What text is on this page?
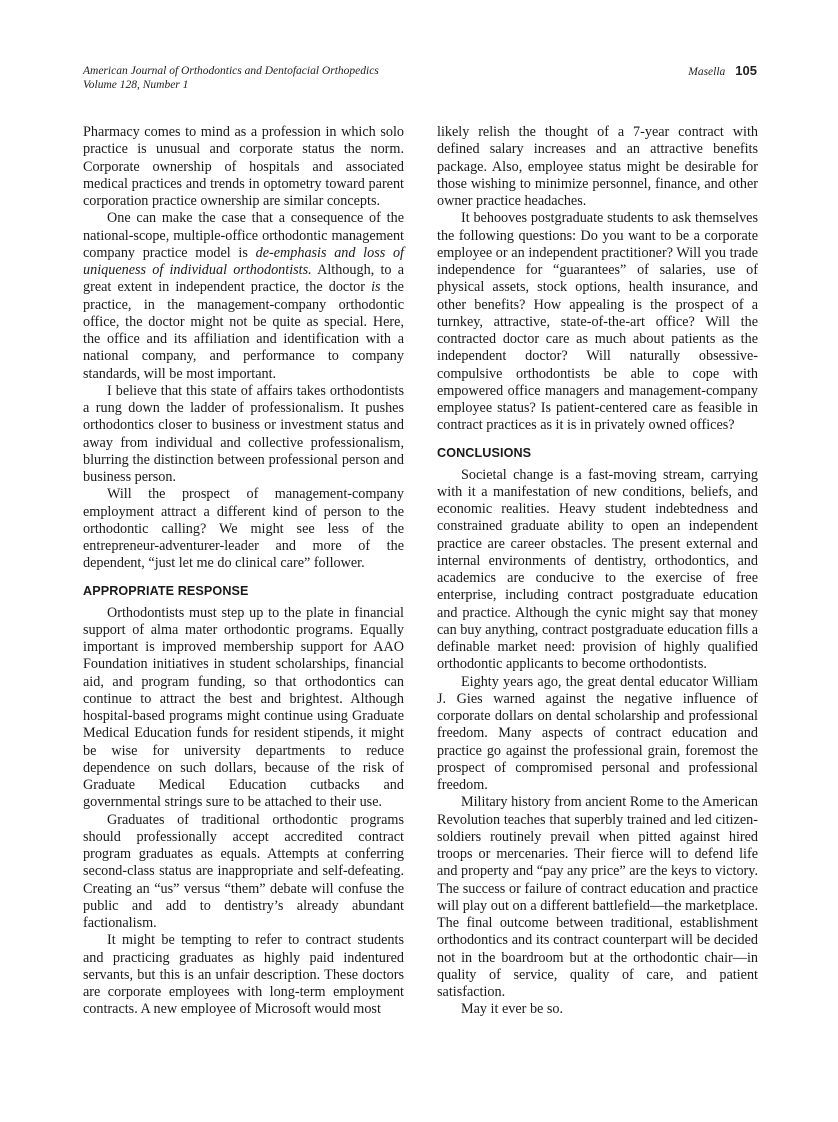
American Journal of Orthodontics and Dentofacial Orthopedics
Volume 128, Number 1
Masella 105

Pharmacy comes to mind as a profession in which solo practice is unusual and corporate status the norm. Corporate ownership of hospitals and associated medical practices and trends in optometry toward parent corporation practice ownership are similar concepts.

One can make the case that a consequence of the national-scope, multiple-office orthodontic management company practice model is de-emphasis and loss of uniqueness of individual orthodontists. Although, to a great extent in independent practice, the doctor is the practice, in the management-company orthodontic office, the doctor might not be quite as special. Here, the office and its affiliation and identification with a national company, and performance to company standards, will be most important.

I believe that this state of affairs takes orthodontists a rung down the ladder of professionalism. It pushes orthodontics closer to business or investment status and away from individual and collective professionalism, blurring the distinction between professional person and business person.

Will the prospect of management-company employment attract a different kind of person to the orthodontic calling? We might see less of the entrepreneur-adventurer-leader and more of the dependent, “just let me do clinical care” follower.

APPROPRIATE RESPONSE

Orthodontists must step up to the plate in financial support of alma mater orthodontic programs. Equally important is improved membership support for AAO Foundation initiatives in student scholarships, financial aid, and program funding, so that orthodontics can continue to attract the best and brightest. Although hospital-based programs might continue using Graduate Medical Education funds for resident stipends, it might be wise for university departments to reduce dependence on such dollars, because of the risk of Graduate Medical Education cutbacks and governmental strings sure to be attached to their use.

Graduates of traditional orthodontic programs should professionally accept accredited contract program graduates as equals. Attempts at conferring second-class status are inappropriate and self-defeating. Creating an “us” versus “them” debate will confuse the public and add to dentistry’s already abundant factionalism.

It might be tempting to refer to contract students and practicing graduates as highly paid indentured servants, but this is an unfair description. These doctors are corporate employees with long-term employment contracts. A new employee of Microsoft would most

likely relish the thought of a 7-year contract with defined salary increases and an attractive benefits package. Also, employee status might be desirable for those wishing to minimize personnel, finance, and other owner practice headaches.

It behooves postgraduate students to ask themselves the following questions: Do you want to be a corporate employee or an independent practitioner? Will you trade independence for “guarantees” of salaries, use of physical assets, stock options, health insurance, and other benefits? How appealing is the prospect of a turnkey, attractive, state-of-the-art office? Will the contracted doctor care as much about patients as the independent doctor? Will naturally obsessive-compulsive orthodontists be able to cope with empowered office managers and management-company employee status? Is patient-centered care as feasible in contract practices as it is in privately owned offices?

CONCLUSIONS

Societal change is a fast-moving stream, carrying with it a manifestation of new conditions, beliefs, and economic realities. Heavy student indebtedness and constrained graduate ability to open an independent practice are career obstacles. The present external and internal environments of dentistry, orthodontics, and academics are conducive to the exercise of free enterprise, including contract postgraduate education and practice. Although the cynic might say that money can buy anything, contract postgraduate education fills a definable market need: provision of highly qualified orthodontic applicants to become orthodontists.

Eighty years ago, the great dental educator William J. Gies warned against the negative influence of corporate dollars on dental scholarship and professional freedom. Many aspects of contract education and practice go against the professional grain, foremost the prospect of compromised personal and professional freedom.

Military history from ancient Rome to the American Revolution teaches that superbly trained and led citizen-soldiers routinely prevail when pitted against hired troops or mercenaries. Their fierce will to defend life and property and “pay any price” are the keys to victory. The success or failure of contract education and practice will play out on a different battlefield—the marketplace. The final outcome between traditional, establishment orthodontics and its contract counterpart will be decided not in the boardroom but at the orthodontic chair—in quality of service, quality of care, and patient satisfaction.

May it ever be so.
